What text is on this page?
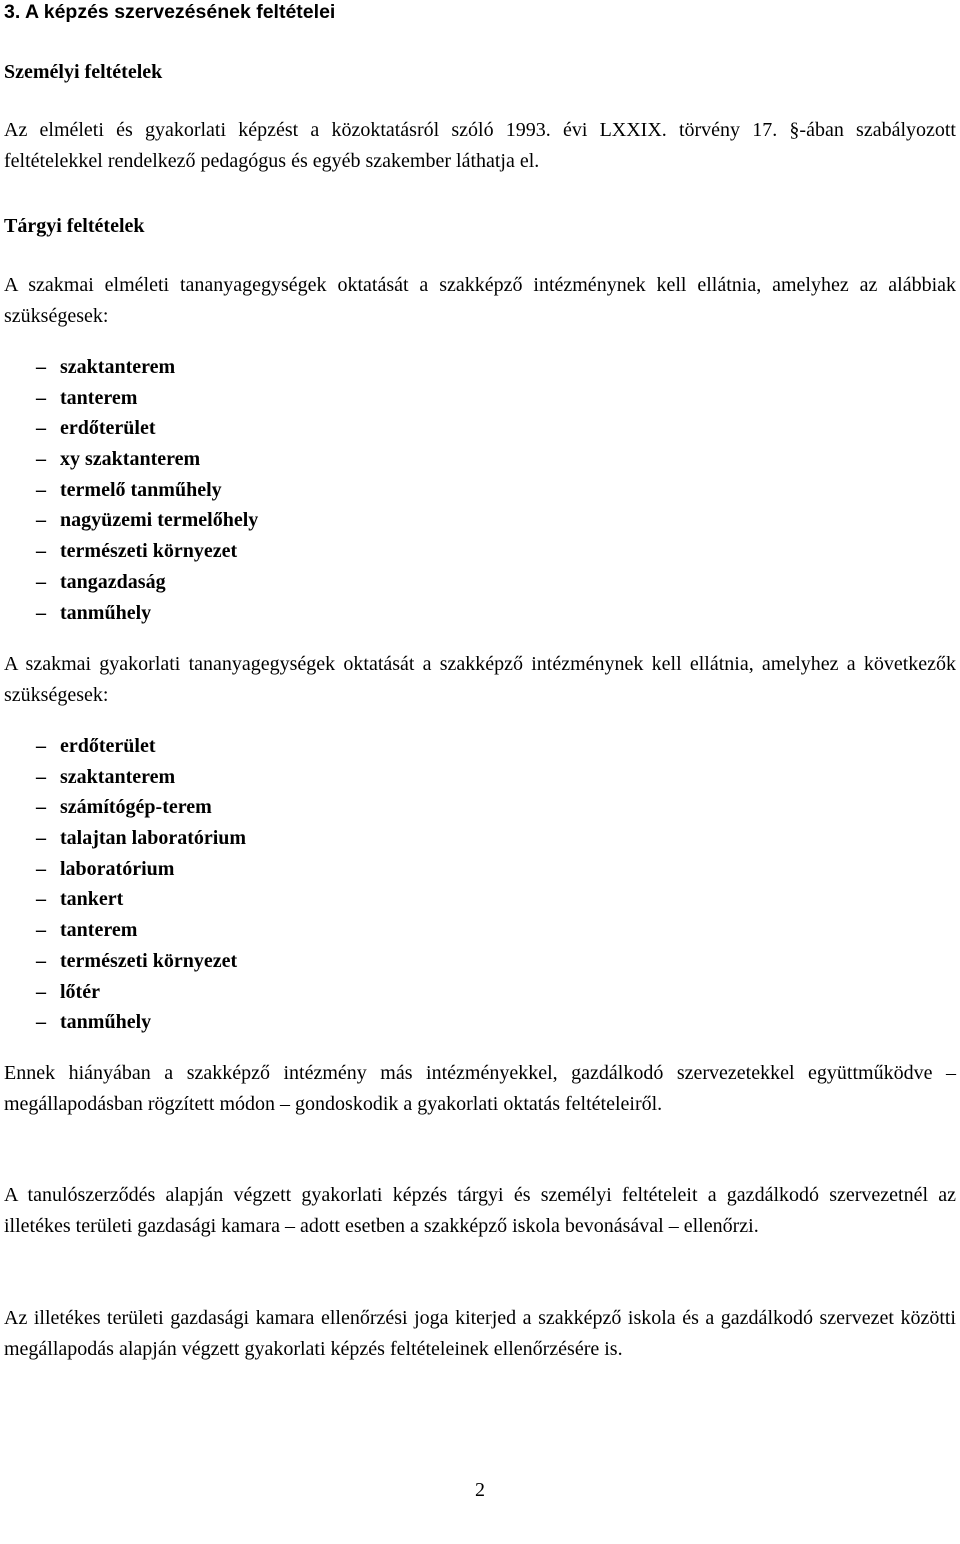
3. A képzés szervezésének feltételei
Személyi feltételek

Az elméleti és gyakorlati képzést a közoktatásról szóló 1993. évi LXXIX. törvény 17. §-ában szabályozott feltételekkel rendelkező pedagógus és egyéb szakember láthatja el.

Tárgyi feltételek

A szakmai elméleti tananyagegységek oktatását a szakképző intézménynek kell ellátnia, amelyhez az alábbiak szükségesek:

– szaktanterem
– tanterem
– erdőterület
– xy szaktanterem
– termelő tanműhely
– nagyüzemi termelőhely
– természeti környezet
– tangazdaság
– tanműhely

A szakmai gyakorlati tananyagegységek oktatását a szakképző intézménynek kell ellátnia, amelyhez a következők szükségesek:

– erdőterület
– szaktanterem
– számítógép-terem
– talajtan laboratórium
– laboratórium
– tankert
– tanterem
– természeti környezet
– lőtér
– tanműhely

Ennek hiányában a szakképző intézmény más intézményekkel, gazdálkodó szervezetekkel együttműködve – megállapodásban rögzített módon – gondoskodik a gyakorlati oktatás feltételeiről.

A tanulószerződés alapján végzett gyakorlati képzés tárgyi és személyi feltételeit a gazdálkodó szervezetnél az illetékes területi gazdasági kamara – adott esetben a szakképző iskola bevonásával – ellenőrzi.

Az illetékes területi gazdasági kamara ellenőrzési joga kiterjed a szakképző iskola és a gazdálkodó szervezet közötti megállapodás alapján végzett gyakorlati képzés feltételeinek ellenőrzésére is.

2
